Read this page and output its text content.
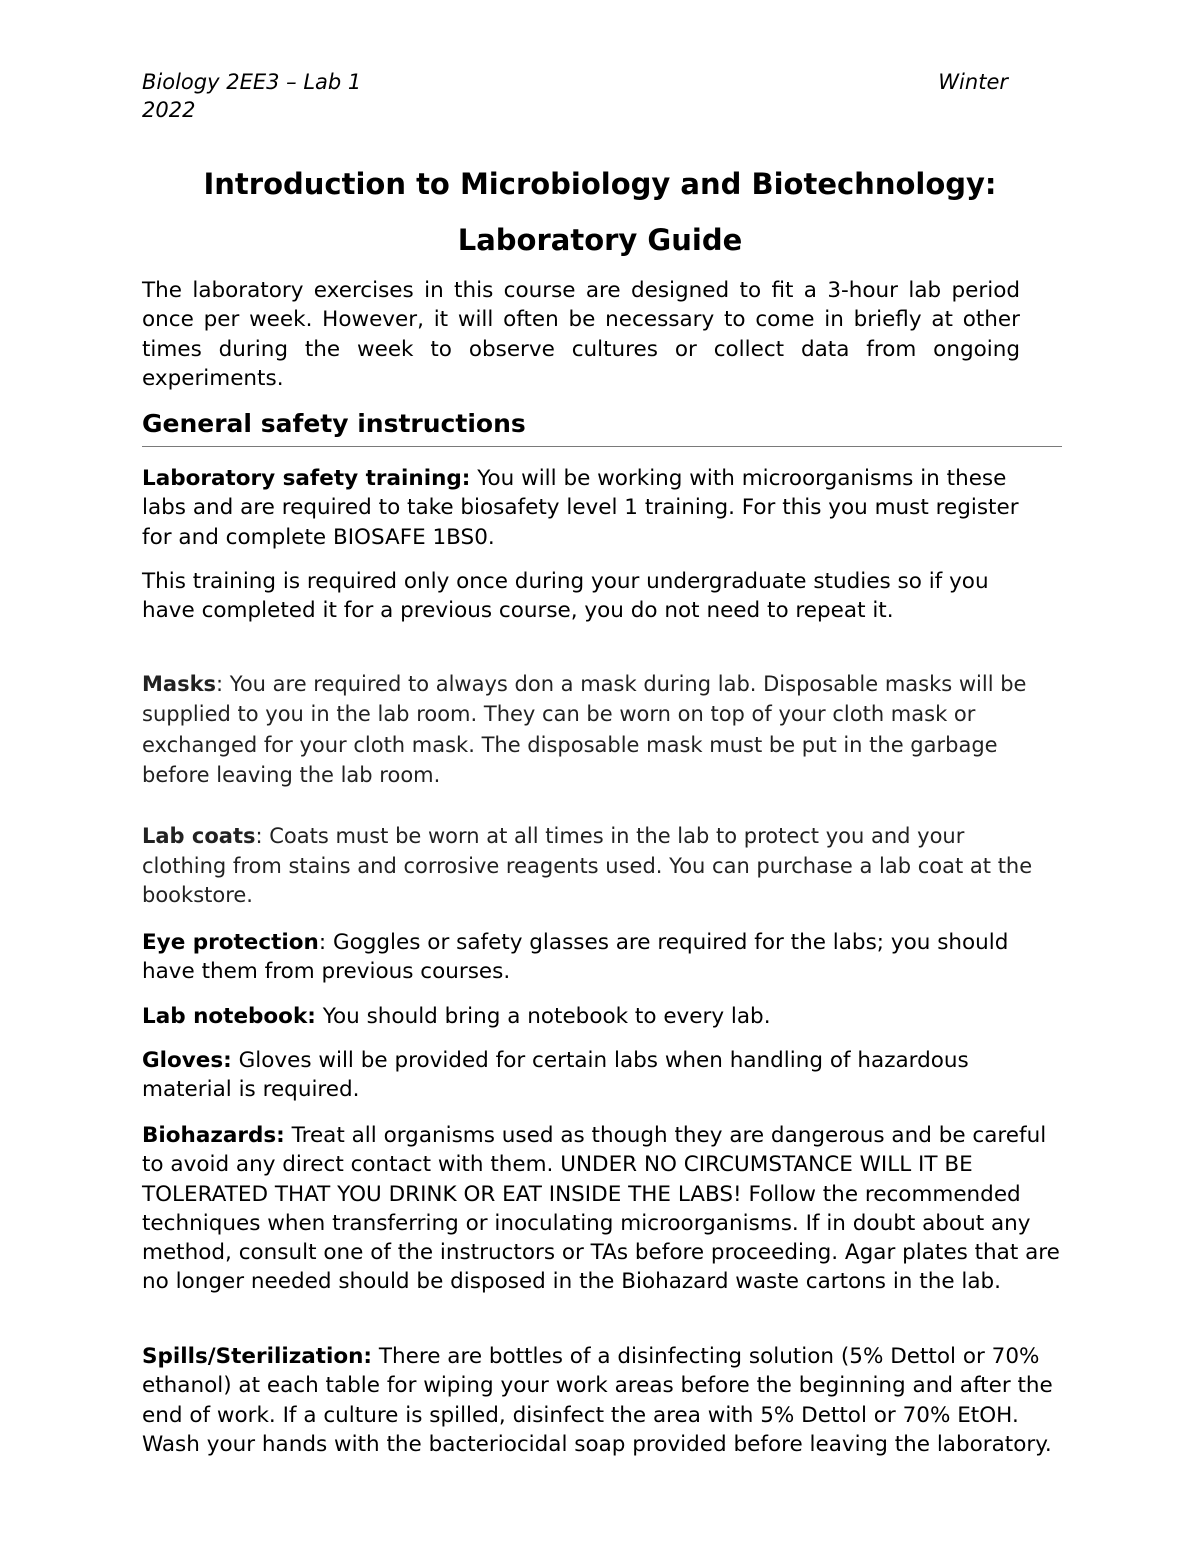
Biology 2EE3 – Lab 1	Winter
2022
Introduction to Microbiology and Biotechnology:
Laboratory Guide

The laboratory exercises in this course are designed to fit a 3-hour lab period once per week. However, it will often be necessary to come in briefly at other times during the week to observe cultures or collect data from ongoing experiments.

General safety instructions

Laboratory safety training: You will be working with microorganisms in these labs and are required to take biosafety level 1 training. For this you must register for and complete BIOSAFE 1BS0.

This training is required only once during your undergraduate studies so if you have completed it for a previous course, you do not need to repeat it.

Masks: You are required to always don a mask during lab. Disposable masks will be supplied to you in the lab room. They can be worn on top of your cloth mask or exchanged for your cloth mask. The disposable mask must be put in the garbage before leaving the lab room.

Lab coats: Coats must be worn at all times in the lab to protect you and your clothing from stains and corrosive reagents used. You can purchase a lab coat at the bookstore.

Eye protection: Goggles or safety glasses are required for the labs; you should have them from previous courses.

Lab notebook: You should bring a notebook to every lab.

Gloves: Gloves will be provided for certain labs when handling of hazardous material is required.

Biohazards: Treat all organisms used as though they are dangerous and be careful to avoid any direct contact with them. UNDER NO CIRCUMSTANCE WILL IT BE TOLERATED THAT YOU DRINK OR EAT INSIDE THE LABS! Follow the recommended techniques when transferring or inoculating microorganisms. If in doubt about any method, consult one of the instructors or TAs before proceeding. Agar plates that are no longer needed should be disposed in the Biohazard waste cartons in the lab.

Spills/Sterilization: There are bottles of a disinfecting solution (5% Dettol or 70% ethanol) at each table for wiping your work areas before the beginning and after the end of work. If a culture is spilled, disinfect the area with 5% Dettol or 70% EtOH. Wash your hands with the bacteriocidal soap provided before leaving the laboratory.
